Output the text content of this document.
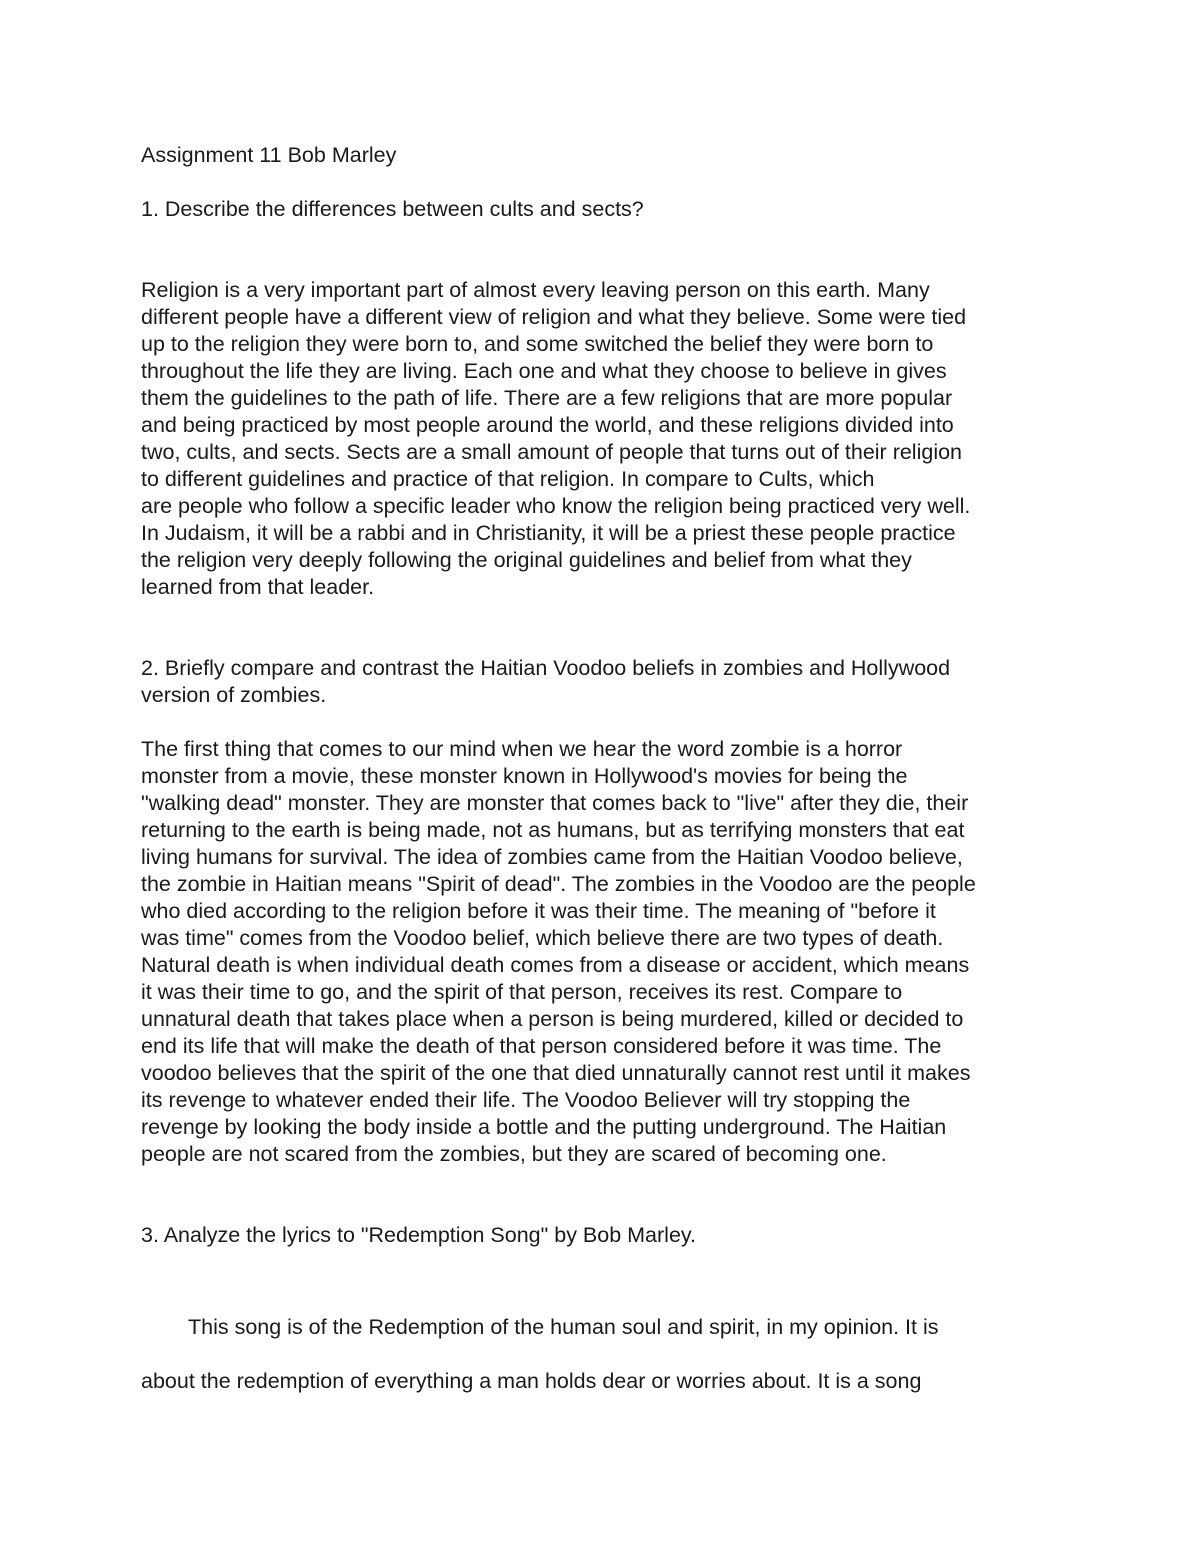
Assignment 11 Bob Marley
1. Describe the differences between cults and sects?
Religion is a very important part of almost every leaving person on this earth. Many
different people have a different view of religion and what they believe. Some were tied
up to the religion they were born to, and some switched the belief they were born to
throughout the life they are living. Each one and what they choose to believe in gives
them the guidelines to the path of life. There are a few religions that are more popular
and being practiced by most people around the world, and these religions divided into
two, cults, and sects. Sects are a small amount of people that turns out of their religion
to different guidelines and practice of that religion. In compare to Cults, which
are people who follow a specific leader who know the religion being practiced very well.
In Judaism, it will be a rabbi and in Christianity, it will be a priest these people practice
the religion very deeply following the original guidelines and belief from what they
learned from that leader.
2. Briefly compare and contrast the Haitian Voodoo beliefs in zombies and Hollywood
version of zombies.
The first thing that comes to our mind when we hear the word zombie is a horror
monster from a movie, these monster known in Hollywood's movies for being the
"walking dead" monster. They are monster that comes back to "live" after they die, their
returning to the earth is being made, not as humans, but as terrifying monsters that eat
living humans for survival. The idea of zombies came from the Haitian Voodoo believe,
the zombie in Haitian means "Spirit of dead". The zombies in the Voodoo are the people
who died according to the religion before it was their time. The meaning of "before it
was time" comes from the Voodoo belief, which believe there are two types of death.
Natural death is when individual death comes from a disease or accident, which means
it was their time to go, and the spirit of that person, receives its rest. Compare to
unnatural death that takes place when a person is being murdered, killed or decided to
end its life that will make the death of that person considered before it was time. The
voodoo believes that the spirit of the one that died unnaturally cannot rest until it makes
its revenge to whatever ended their life. The Voodoo Believer will try stopping the
revenge by looking the body inside a bottle and the putting underground. The Haitian
people are not scared from the zombies, but they are scared of becoming one.
3. Analyze the lyrics to "Redemption Song" by Bob Marley.
This song is of the Redemption of the human soul and spirit, in my opinion. It is
about the redemption of everything a man holds dear or worries about. It is a song
